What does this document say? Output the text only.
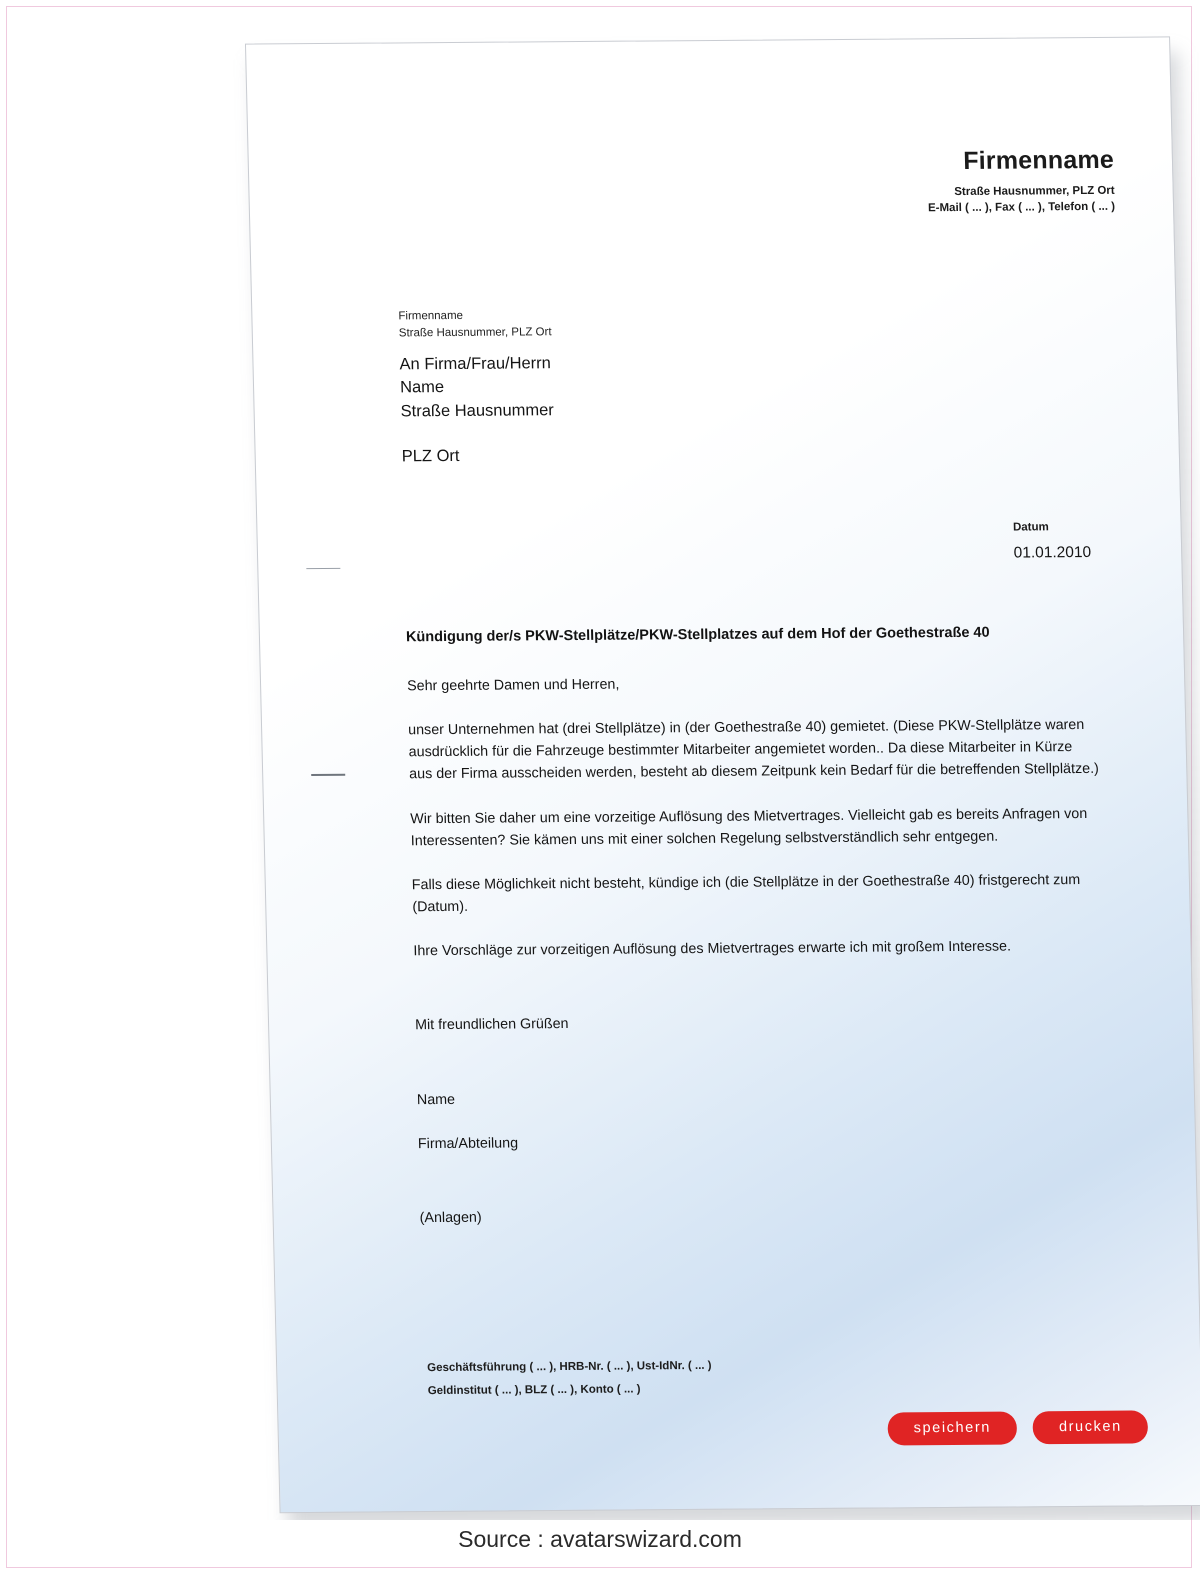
Firmenname
Straße Hausnummer, PLZ Ort
E-Mail ( ... ), Fax ( ... ), Telefon ( ... )
Firmenname
Straße Hausnummer, PLZ Ort
An Firma/Frau/Herrn
Name
Straße Hausnummer
PLZ Ort
Datum
01.01.2010
Kündigung der/s PKW-Stellplätze/PKW-Stellplatzes auf dem Hof der Goethestraße 40

Sehr geehrte Damen und Herren,

unser Unternehmen hat (drei Stellplätze) in (der Goethestraße 40) gemietet. (Diese PKW-Stellplätze waren ausdrücklich für die Fahrzeuge bestimmter Mitarbeiter angemietet worden.. Da diese Mitarbeiter in Kürze aus der Firma ausscheiden werden, besteht ab diesem Zeitpunk kein Bedarf für die betreffenden Stellplätze.)

Wir bitten Sie daher um eine vorzeitige Auflösung des Mietvertrages. Vielleicht gab es bereits Anfragen von Interessenten? Sie kämen uns mit einer solchen Regelung selbstverständlich sehr entgegen.

Falls diese Möglichkeit nicht besteht, kündige ich (die Stellplätze in der Goethestraße 40) fristgerecht zum (Datum).

Ihre Vorschläge zur vorzeitigen Auflösung des Mietvertrages erwarte ich mit großem Interesse.

Mit freundlichen Grüßen

Name

Firma/Abteilung

(Anlagen)

Geschäftsführung ( ... ), HRB-Nr. ( ... ), Ust-IdNr. ( ... )
Geldinstitut ( ... ), BLZ ( ... ), Konto ( ... )
speichern	drucken
Source : avatarswizard.com
